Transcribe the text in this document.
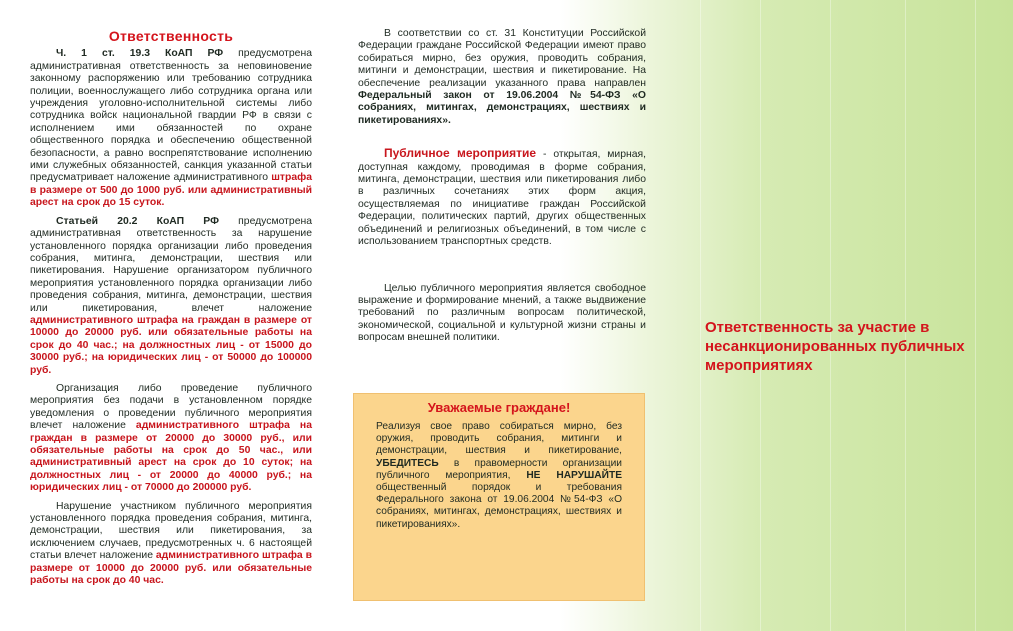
Ответственность

Ч. 1 ст. 19.3 КоАП РФ предусмотрена административная ответственность за неповиновение законному распоряжению или требованию сотрудника полиции, военнослужащего либо сотрудника органа или учреждения уголовно-исполнительной системы либо сотрудника войск национальной гвардии РФ в связи с исполнением ими обязанностей по охране общественного порядка и обеспечению общественной безопасности, а равно воспрепятствование исполнению ими служебных обязанностей, санкция указанной статьи предусматривает наложение административного штрафа в размере от 500 до 1000 руб. или административный арест на срок до 15 суток.

Статьей 20.2 КоАП РФ предусмотрена административная ответственность за нарушение установленного порядка организации либо проведения собрания, митинга, демонстрации, шествия или пикетирования. Нарушение организатором публичного мероприятия установленного порядка организации либо проведения собрания, митинга, демонстрации, шествия или пикетирования, влечет наложение административного штрафа на граждан в размере от 10000 до 20000 руб. или обязательные работы на срок до 40 час.; на должностных лиц - от 15000 до 30000 руб.; на юридических лиц - от 50000 до 100000 руб.

Организация либо проведение публичного мероприятия без подачи в установленном порядке уведомления о проведении публичного мероприятия влечет наложение административного штрафа на граждан в размере от 20000 до 30000 руб., или обязательные работы на срок до 50 час., или административный арест на срок до 10 суток; на должностных лиц - от 20000 до 40000 руб.; на юридических лиц - от 70000 до 200000 руб.

Нарушение участником публичного мероприятия установленного порядка проведения собрания, митинга, демонстрации, шествия или пикетирования, за исключением случаев, предусмотренных ч. 6 настоящей статьи влечет наложение административного штрафа в размере от 10000 до 20000 руб. или обязательные работы на срок до 40 час.

В соответствии со ст. 31 Конституции Российской Федерации граждане Российской Федерации имеют право собираться мирно, без оружия, проводить собрания, митинги и демонстрации, шествия и пикетирование. На обеспечение реализации указанного права направлен Федеральный закон от 19.06.2004 №54-ФЗ «О собраниях, митингах, демонстрациях, шествиях и пикетированиях».

Публичное мероприятие - открытая, мирная, доступная каждому, проводимая в форме собрания, митинга, демонстрации, шествия или пикетирования либо в различных сочетаниях этих форм акция, осуществляемая по инициативе граждан Российской Федерации, политических партий, других общественных объединений и религиозных объединений, в том числе с использованием транспортных средств.

Целью публичного мероприятия является свободное выражение и формирование мнений, а также выдвижение требований по различным вопросам политической, экономической, социальной и культурной жизни страны и вопросам внешней политики.

Уважаемые граждане!

Реализуя свое право собираться мирно, без оружия, проводить собрания, митинги и демонстрации, шествия и пикетирование, УБЕДИТЕСЬ в правомерности организации публичного мероприятия, НЕ НАРУШАЙТЕ общественный порядок и требования Федерального закона от 19.06.2004 №54-ФЗ «О собраниях, митингах, демонстрациях, шествиях и пикетированиях».

Ответственность за участие в несанкционированных публичных мероприятиях
